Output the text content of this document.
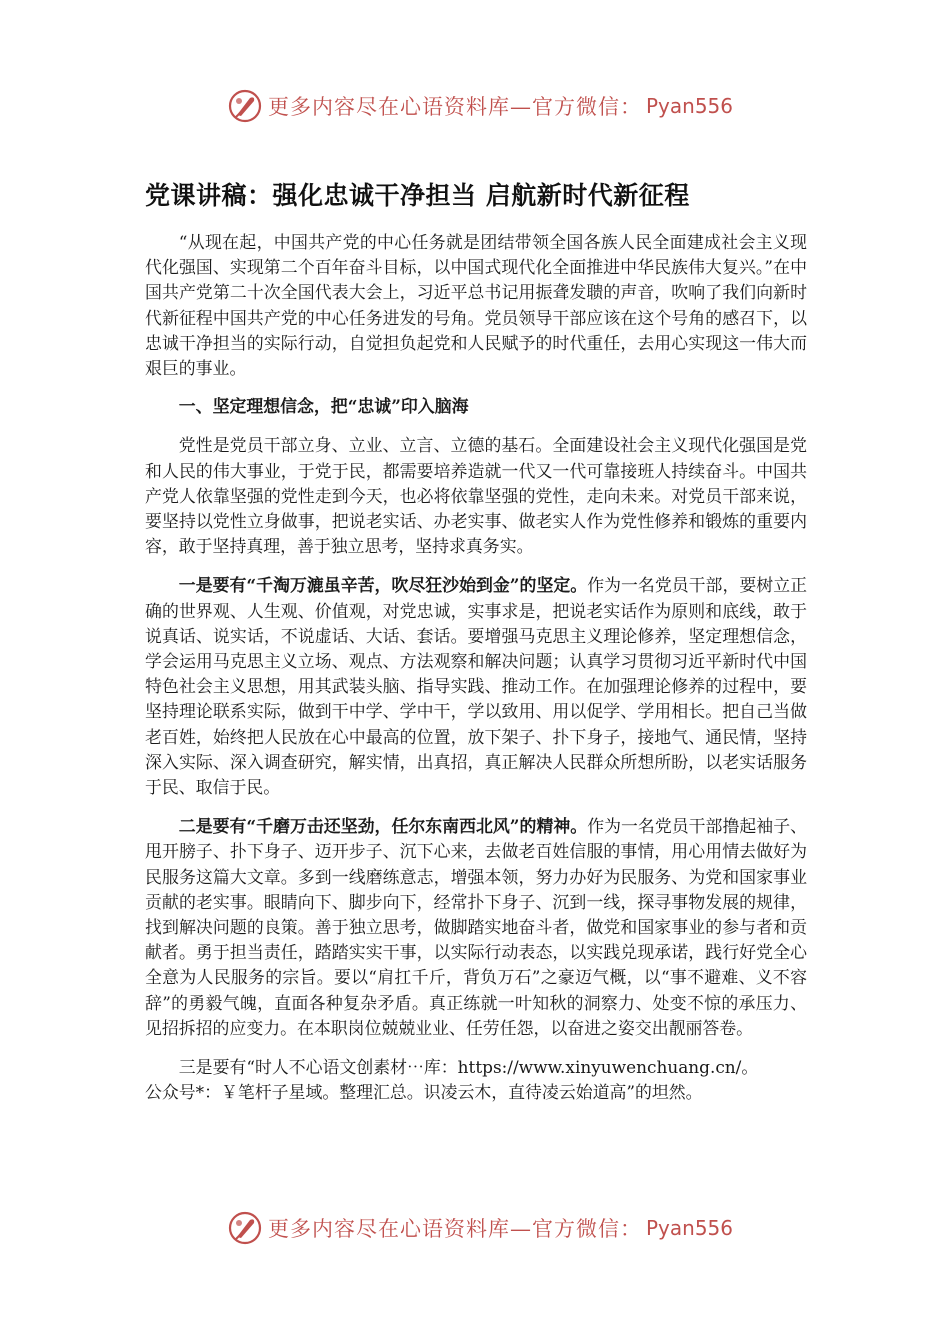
更多内容尽在心语资料库—官方微信： Pyan556
党课讲稿：强化忠诚干净担当 启航新时代新征程

“从现在起，中国共产党的中心任务就是团结带领全国各族人民全面建成社会主义现代化强国、实现第二个百年奋斗目标，以中国式现代化全面推进中华民族伟大复兴。”在中国共产党第二十次全国代表大会上，习近平总书记用振聋发聩的声音，吹响了我们向新时代新征程中国共产党的中心任务进发的号角。党员领导干部应该在这个号角的感召下，以忠诚干净担当的实际行动，自觉担负起党和人民赋予的时代重任，去用心实现这一伟大而艰巨的事业。

一、坚定理想信念，把“忠诚”印入脑海

党性是党员干部立身、立业、立言、立德的基石。全面建设社会主义现代化强国是党和人民的伟大事业，于党于民，都需要培养造就一代又一代可靠接班人持续奋斗。中国共产党人依靠坚强的党性走到今天，也必将依靠坚强的党性，走向未来。对党员干部来说，要坚持以党性立身做事，把说老实话、办老实事、做老实人作为党性修养和锻炼的重要内容，敢于坚持真理，善于独立思考，坚持求真务实。

一是要有“千淘万漉虽辛苦，吹尽狂沙始到金”的坚定。作为一名党员干部，要树立正确的世界观、人生观、价值观，对党忠诚，实事求是，把说老实话作为原则和底线，敢于说真话、说实话，不说虚话、大话、套话。要增强马克思主义理论修养，坚定理想信念，学会运用马克思主义立场、观点、方法观察和解决问题；认真学习贯彻习近平新时代中国特色社会主义思想，用其武装头脑、指导实践、推动工作。在加强理论修养的过程中，要坚持理论联系实际，做到干中学、学中干，学以致用、用以促学、学用相长。把自己当做老百姓，始终把人民放在心中最高的位置，放下架子、扑下身子，接地气、通民情，坚持深入实际、深入调查研究，解实情，出真招，真正解决人民群众所想所盼，以老实话服务于民、取信于民。

二是要有“千磨万击还坚劲，任尔东南西北风”的精神。作为一名党员干部撸起袖子、甩开膀子、扑下身子、迈开步子、沉下心来，去做老百姓信服的事情，用心用情去做好为民服务这篇大文章。多到一线磨练意志，增强本领，努力办好为民服务、为党和国家事业贡献的老实事。眼睛向下、脚步向下，经常扑下身子、沉到一线，探寻事物发展的规律，找到解决问题的良策。善于独立思考，做脚踏实地奋斗者，做党和国家事业的参与者和贡献者。勇于担当责任，踏踏实实干事，以实际行动表态，以实践兑现承诺，践行好党全心全意为人民服务的宗旨。要以“肩扛千斤，背负万石”之豪迈气概，以“事不避难、义不容辞”的勇毅气魄，直面各种复杂矛盾。真正练就一叶知秋的洞察力、处变不惊的承压力、见招拆招的应变力。在本职岗位兢兢业业、任劳任怨，以奋进之姿交出靓丽答卷。

三是要有“时人不心语文创素材⋯库：https://www.xinyuwenchuang.cn/。

公众号*：￥笔杆子星域。整理汇总。识凌云木，直待凌云始道高”的坦然。

更多内容尽在心语资料库—官方微信： Pyan556
